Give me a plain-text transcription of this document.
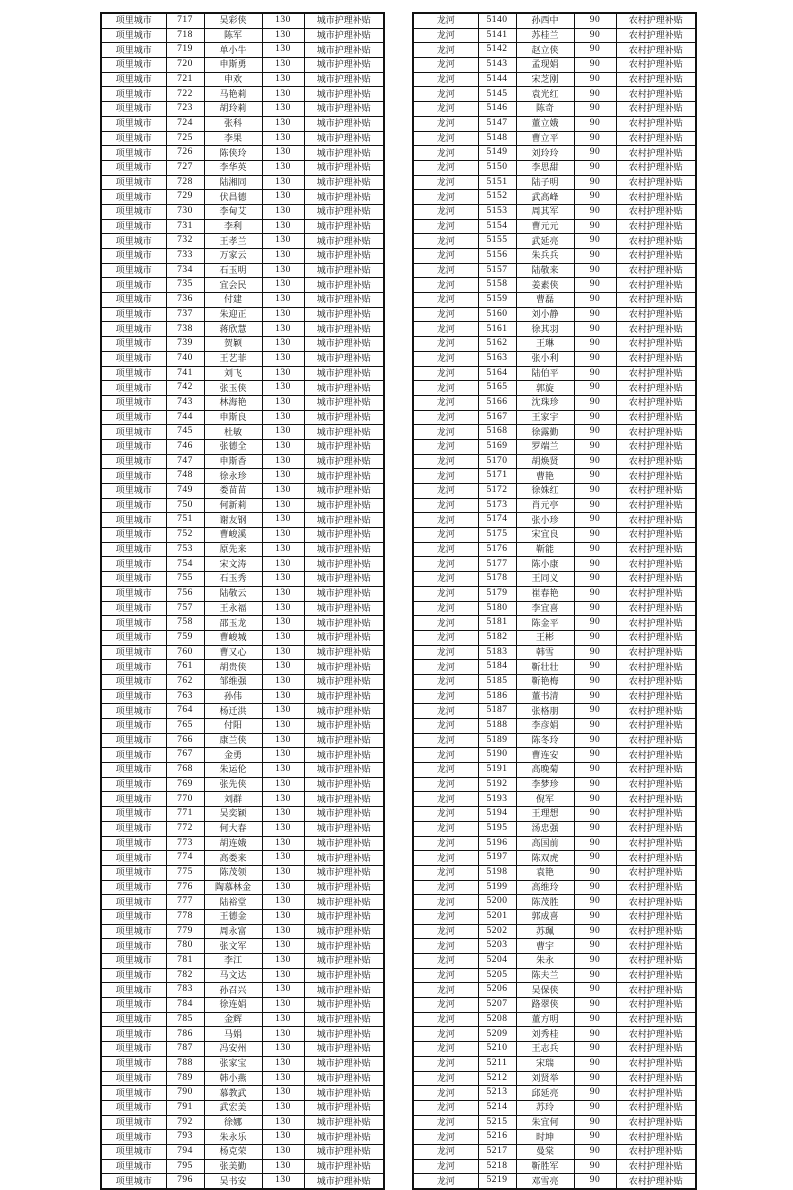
项里城市	717	吴彩侠	130	城市护理补贴
项里城市	718	陈军	130	城市护理补贴
项里城市	719	单小牛	130	城市护理补贴
项里城市	720	申斯勇	130	城市护理补贴
项里城市	721	申欢	130	城市护理补贴
项里城市	722	马艳莉	130	城市护理补贴
项里城市	723	胡玲莉	130	城市护理补贴
项里城市	724	张科	130	城市护理补贴
项里城市	725	李果	130	城市护理补贴
项里城市	726	陈侠玲	130	城市护理补贴
项里城市	727	李华英	130	城市护理补贴
项里城市	728	陆湘同	130	城市护理补贴
项里城市	729	伏昌德	130	城市护理补贴
项里城市	730	李甸艾	130	城市护理补贴
项里城市	731	李利	130	城市护理补贴
项里城市	732	王孝兰	130	城市护理补贴
项里城市	733	万家云	130	城市护理补贴
项里城市	734	石玉明	130	城市护理补贴
项里城市	735	宜会民	130	城市护理补贴
项里城市	736	付建	130	城市护理补贴
项里城市	737	朱迎正	130	城市护理补贴
项里城市	738	蒋欣慧	130	城市护理补贴
项里城市	739	贺颖	130	城市护理补贴
项里城市	740	王艺菲	130	城市护理补贴
项里城市	741	刘飞	130	城市护理补贴
项里城市	742	张玉侠	130	城市护理补贴
项里城市	743	林海艳	130	城市护理补贴
项里城市	744	申斯良	130	城市护理补贴
项里城市	745	杜敏	130	城市护理补贴
项里城市	746	张德全	130	城市护理补贴
项里城市	747	申斯香	130	城市护理补贴
项里城市	748	徐永珍	130	城市护理补贴
项里城市	749	娄苗苗	130	城市护理补贴
项里城市	750	何新莉	130	城市护理补贴
项里城市	751	谢友钢	130	城市护理补贴
项里城市	752	曹峻溪	130	城市护理补贴
项里城市	753	原先来	130	城市护理补贴
项里城市	754	宋文涛	130	城市护理补贴
项里城市	755	石玉秀	130	城市护理补贴
项里城市	756	陆敬云	130	城市护理补贴
项里城市	757	王永福	130	城市护理补贴
项里城市	758	邵玉龙	130	城市护理补贴
项里城市	759	曹峻城	130	城市护理补贴
项里城市	760	曹又心	130	城市护理补贴
项里城市	761	胡贵侠	130	城市护理补贴
项里城市	762	邹维强	130	城市护理补贴
项里城市	763	孙伟	130	城市护理补贴
项里城市	764	杨迁洪	130	城市护理补贴
项里城市	765	付阳	130	城市护理补贴
项里城市	766	康兰侠	130	城市护理补贴
项里城市	767	金勇	130	城市护理补贴
项里城市	768	朱运伦	130	城市护理补贴
项里城市	769	张先侠	130	城市护理补贴
项里城市	770	刘群	130	城市护理补贴
项里城市	771	吴奕颖	130	城市护理补贴
项里城市	772	何大春	130	城市护理补贴
项里城市	773	胡连娥	130	城市护理补贴
项里城市	774	高娄来	130	城市护理补贴
项里城市	775	陈茂领	130	城市护理补贴
项里城市	776	陶慕林金	130	城市护理补贴
项里城市	777	陆裕堂	130	城市护理补贴
项里城市	778	王德金	130	城市护理补贴
项里城市	779	周永富	130	城市护理补贴
项里城市	780	张文军	130	城市护理补贴
项里城市	781	李江	130	城市护理补贴
项里城市	782	马文达	130	城市护理补贴
项里城市	783	孙召兴	130	城市护理补贴
项里城市	784	徐连娟	130	城市护理补贴
项里城市	785	金辉	130	城市护理补贴
项里城市	786	马娟	130	城市护理补贴
项里城市	787	冯安州	130	城市护理补贴
项里城市	788	张家宝	130	城市护理补贴
项里城市	789	韩小燕	130	城市护理补贴
项里城市	790	慕教武	130	城市护理补贴
项里城市	791	武宏美	130	城市护理补贴
项里城市	792	徐娜	130	城市护理补贴
项里城市	793	朱永乐	130	城市护理补贴
项里城市	794	杨克荣	130	城市护理补贴
项里城市	795	张美勤	130	城市护理补贴
项里城市	796	吴书安	130	城市护理补贴
龙河	5140	孙西中	90	农村护理补贴
龙河	5141	苏桂兰	90	农村护理补贴
龙河	5142	赵立侠	90	农村护理补贴
龙河	5143	孟现娟	90	农村护理补贴
龙河	5144	宋芝刚	90	农村护理补贴
龙河	5145	袁光红	90	农村护理补贴
龙河	5146	陈奇	90	农村护理补贴
龙河	5147	董立娥	90	农村护理补贴
龙河	5148	曹立平	90	农村护理补贴
龙河	5149	刘玲玲	90	农村护理补贴
龙河	5150	李思甜	90	农村护理补贴
龙河	5151	陆子明	90	农村护理补贴
龙河	5152	武高峰	90	农村护理补贴
龙河	5153	周其军	90	农村护理补贴
龙河	5154	曹元元	90	农村护理补贴
龙河	5155	武延亮	90	农村护理补贴
龙河	5156	朱兵兵	90	农村护理补贴
龙河	5157	陆敬来	90	农村护理补贴
龙河	5158	姜素侠	90	农村护理补贴
龙河	5159	曹磊	90	农村护理补贴
龙河	5160	刘小静	90	农村护理补贴
龙河	5161	徐其羽	90	农村护理补贴
龙河	5162	王琳	90	农村护理补贴
龙河	5163	张小利	90	农村护理补贴
龙河	5164	陆伯平	90	农村护理补贴
龙河	5165	郭旋	90	农村护理补贴
龙河	5166	沈珠珍	90	农村护理补贴
龙河	5167	王家宇	90	农村护理补贴
龙河	5168	徐露勤	90	农村护理补贴
龙河	5169	罗端兰	90	农村护理补贴
龙河	5170	胡焕贤	90	农村护理补贴
龙河	5171	曹艳	90	农村护理补贴
龙河	5172	徐姝红	90	农村护理补贴
龙河	5173	肖元亭	90	农村护理补贴
龙河	5174	张小珍	90	农村护理补贴
龙河	5175	宋宜良	90	农村护理补贴
龙河	5176	靳能	90	农村护理补贴
龙河	5177	陈小康	90	农村护理补贴
龙河	5178	王同义	90	农村护理补贴
龙河	5179	崔春艳	90	农村护理补贴
龙河	5180	李宜喜	90	农村护理补贴
龙河	5181	陈金平	90	农村护理补贴
龙河	5182	王彬	90	农村护理补贴
龙河	5183	韩雪	90	农村护理补贴
龙河	5184	靳壮壮	90	农村护理补贴
龙河	5185	靳艳梅	90	农村护理补贴
龙河	5186	董书清	90	农村护理补贴
龙河	5187	张格朋	90	农村护理补贴
龙河	5188	李彦娟	90	农村护理补贴
龙河	5189	陈冬玲	90	农村护理补贴
龙河	5190	曹连安	90	农村护理补贴
龙河	5191	高晚菊	90	农村护理补贴
龙河	5192	李梦珍	90	农村护理补贴
龙河	5193	倪军	90	农村护理补贴
龙河	5194	王理想	90	农村护理补贴
龙河	5195	汤忠强	90	农村护理补贴
龙河	5196	高国前	90	农村护理补贴
龙河	5197	陈双虎	90	农村护理补贴
龙河	5198	袁艳	90	农村护理补贴
龙河	5199	高维玲	90	农村护理补贴
龙河	5200	陈茂胜	90	农村护理补贴
龙河	5201	郭成喜	90	农村护理补贴
龙河	5202	苏珮	90	农村护理补贴
龙河	5203	曹宇	90	农村护理补贴
龙河	5204	朱永	90	农村护理补贴
龙河	5205	陈夫兰	90	农村护理补贴
龙河	5206	吴保侠	90	农村护理补贴
龙河	5207	路翠侠	90	农村护理补贴
龙河	5208	董方明	90	农村护理补贴
龙河	5209	刘秀桂	90	农村护理补贴
龙河	5210	王志兵	90	农村护理补贴
龙河	5211	宋瑞	90	农村护理补贴
龙河	5212	刘贤举	90	农村护理补贴
龙河	5213	邱延亮	90	农村护理补贴
龙河	5214	苏玲	90	农村护理补贴
龙河	5215	朱宜何	90	农村护理补贴
龙河	5216	时坤	90	农村护理补贴
龙河	5217	曼棠	90	农村护理补贴
龙河	5218	靳胜军	90	农村护理补贴
龙河	5219	邓雪亮	90	农村护理补贴
